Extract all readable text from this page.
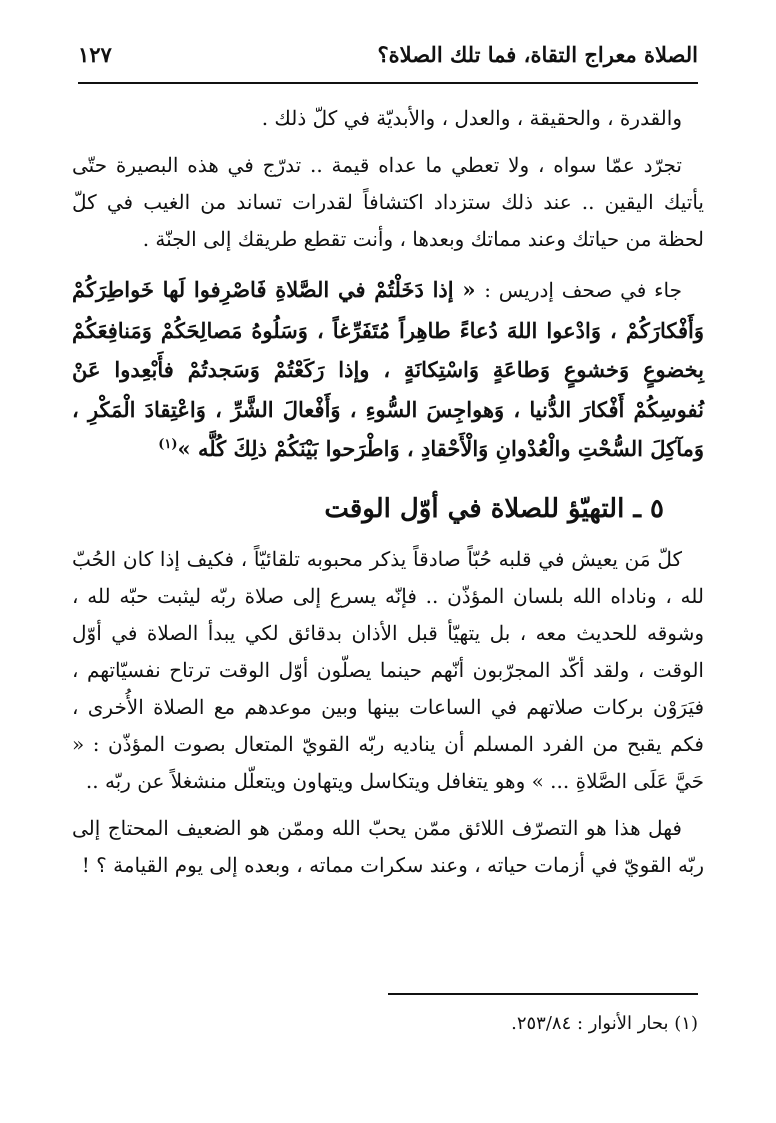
الصلاة معراج التقاة، فما تلك الصلاة؟
١٢٧

والقدرة ، والحقيقة ، والعدل ، والأبديّة في كلّ ذلك .

تجرّد عمّا سواه ، ولا تعطي ما عداه قيمة .. تدرّج في هذه البصيرة حتّى يأتيك اليقين .. عند ذلك ستزداد اكتشافاً لقدرات تساند من الغيب في كلّ لحظة من حياتك وعند مماتك وبعدها ، وأنت تقطع طريقك إلى الجنّة .

جاء في صحف إدريس : « إذا دَخَلْتُمْ في الصَّلاةِ فَاصْرِفوا لَها خَواطِرَكُمْ وَأَفْكارَكُمْ ، وَادْعوا اللهَ دُعاءً طاهِراً مُتَفَرِّغاً ، وَسَلُوهُ مَصالِحَكُمْ وَمَنافِعَكُمْ بِخضوعٍ وَخشوعٍ وَطاعَةٍ وَاسْتِكانَةٍ ، وإذا رَكَعْتُمْ وَسَجدتُمْ فأَبْعِدوا عَنْ نُفوسِكُمْ أَفْكارَ الدُّنيا ، وَهواجِسَ السُّوءِ ، وَأَفْعالَ الشَّرِّ ، وَاعْتِقادَ الْمَكْرِ ، وَمآكِلَ السُّحْتِ والْعُدْوانِ وَالْأَحْقادِ ، وَاطْرَحوا بَيْنَكُمْ ذلِكَ كُلَّه »$^{(١)}$

٥ ـ التهيّؤ للصلاة في أوّل الوقت

كلّ مَن يعيش في قلبه حُبّاً صادقاً يذكر محبوبه تلقائيّاً ، فكيف إذا كان الحُبّ لله ، وناداه الله بلسان المؤذّن .. فإنّه يسرع إلى صلاة ربّه ليثبت حبّه لله ، وشوقه للحديث معه ، بل يتهيّأ قبل الأذان بدقائق لكي يبدأ الصلاة في أوّل الوقت ، ولقد أكّد المجرّبون أنّهم حينما يصلّون أوّل الوقت ترتاح نفسيّاتهم ، فيَرَوْن بركات صلاتهم في الساعات بينها وبين موعدهم مع الصلاة الأُخرى ، فكم يقبح من الفرد المسلم أن يناديه ربّه القويّ المتعال بصوت المؤذّن : « حَيَّ عَلَى الصَّلاةِ ... » وهو يتغافل ويتكاسل ويتهاون ويتعلّل منشغلاً عن ربّه ..

فهل هذا هو التصرّف اللائق ممّن يحبّ الله وممّن هو الضعيف المحتاج إلى ربّه القويّ في أزمات حياته ، وعند سكرات مماته ، وبعده إلى يوم القيامة ؟ !

(١) بحار الأنوار : ٢٥٣/٨٤.
